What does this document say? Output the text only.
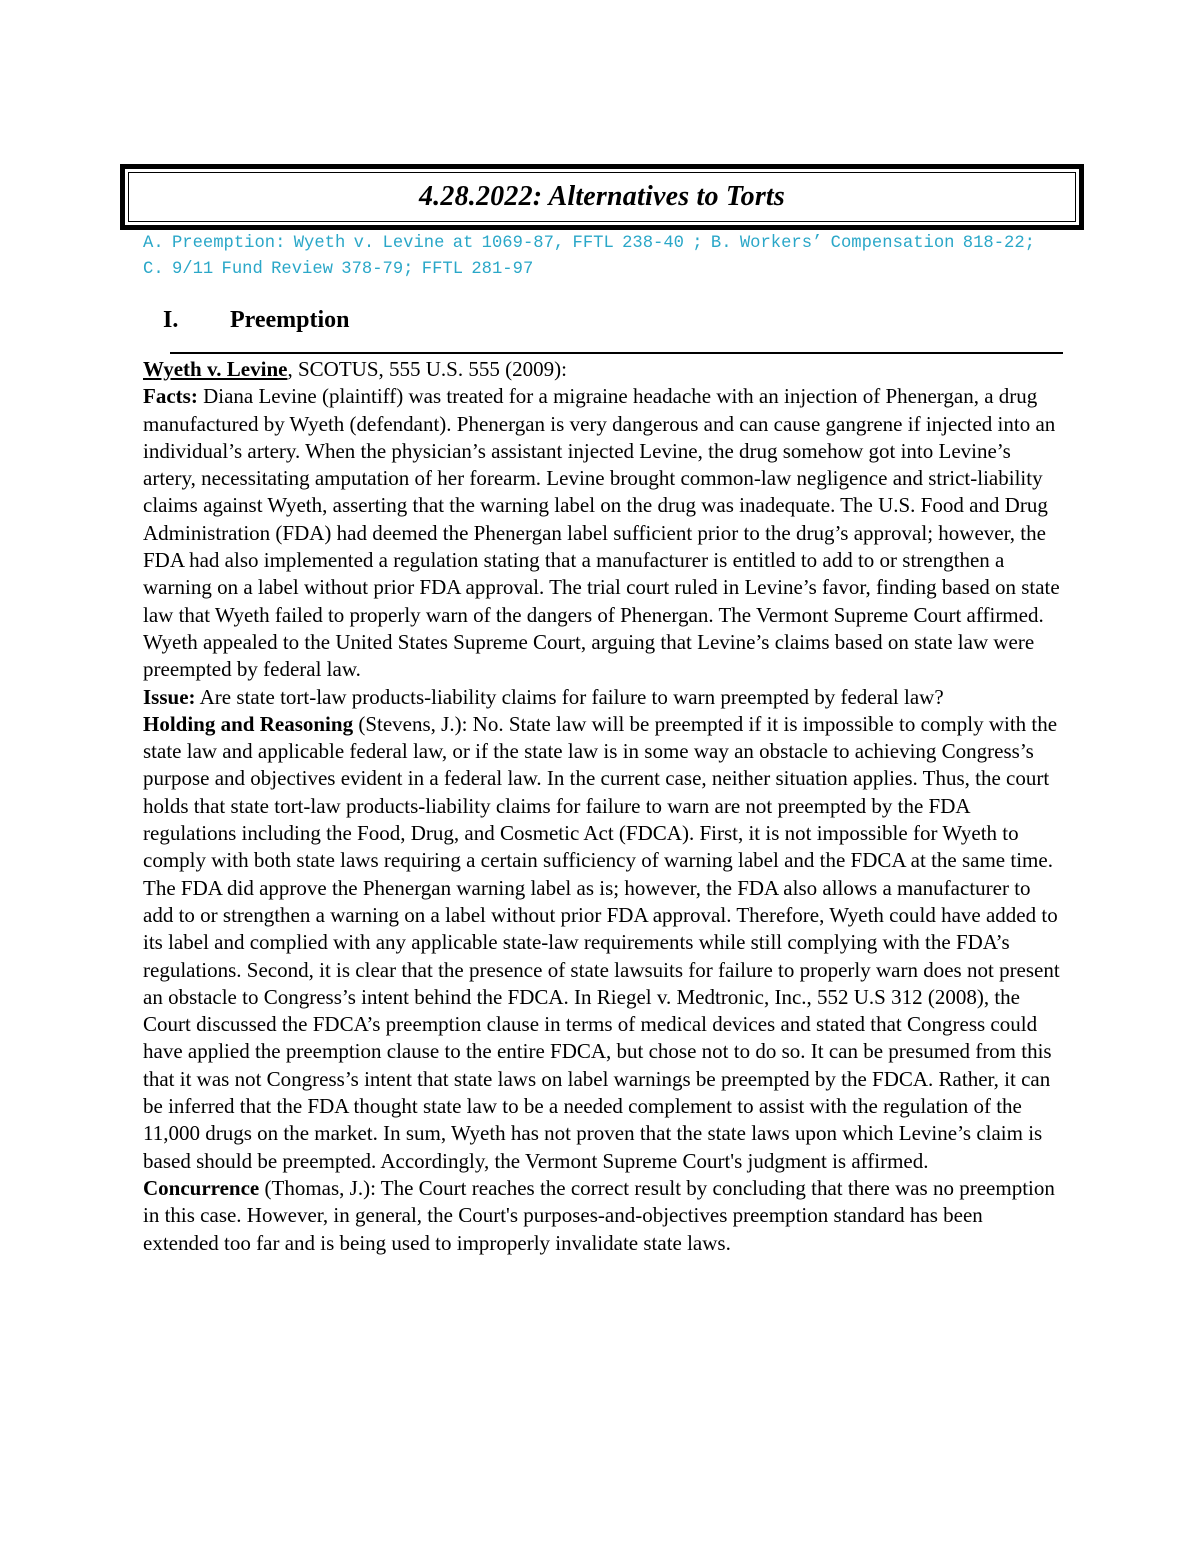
4.28.2022: Alternatives to Torts
A. Preemption: Wyeth v. Levine at 1069-87, FFTL 238-40 ; B. Workers’ Compensation 818-22; C. 9/11 Fund Review 378-79; FFTL 281-97
I.	Preemption

Wyeth v. Levine, SCOTUS, 555 U.S. 555 (2009):

Facts: Diana Levine (plaintiff) was treated for a migraine headache with an injection of Phenergan, a drug manufactured by Wyeth (defendant). Phenergan is very dangerous and can cause gangrene if injected into an individual’s artery. When the physician’s assistant injected Levine, the drug somehow got into Levine’s artery, necessitating amputation of her forearm. Levine brought common-law negligence and strict-liability claims against Wyeth, asserting that the warning label on the drug was inadequate. The U.S. Food and Drug Administration (FDA) had deemed the Phenergan label sufficient prior to the drug’s approval; however, the FDA had also implemented a regulation stating that a manufacturer is entitled to add to or strengthen a warning on a label without prior FDA approval. The trial court ruled in Levine’s favor, finding based on state law that Wyeth failed to properly warn of the dangers of Phenergan. The Vermont Supreme Court affirmed. Wyeth appealed to the United States Supreme Court, arguing that Levine’s claims based on state law were preempted by federal law.

Issue: Are state tort-law products-liability claims for failure to warn preempted by federal law?

Holding and Reasoning (Stevens, J.): No. State law will be preempted if it is impossible to comply with the state law and applicable federal law, or if the state law is in some way an obstacle to achieving Congress’s purpose and objectives evident in a federal law. In the current case, neither situation applies. Thus, the court holds that state tort-law products-liability claims for failure to warn are not preempted by the FDA regulations including the Food, Drug, and Cosmetic Act (FDCA). First, it is not impossible for Wyeth to comply with both state laws requiring a certain sufficiency of warning label and the FDCA at the same time. The FDA did approve the Phenergan warning label as is; however, the FDA also allows a manufacturer to add to or strengthen a warning on a label without prior FDA approval. Therefore, Wyeth could have added to its label and complied with any applicable state-law requirements while still complying with the FDA’s regulations. Second, it is clear that the presence of state lawsuits for failure to properly warn does not present an obstacle to Congress’s intent behind the FDCA. In Riegel v. Medtronic, Inc., 552 U.S 312 (2008), the Court discussed the FDCA’s preemption clause in terms of medical devices and stated that Congress could have applied the preemption clause to the entire FDCA, but chose not to do so. It can be presumed from this that it was not Congress’s intent that state laws on label warnings be preempted by the FDCA. Rather, it can be inferred that the FDA thought state law to be a needed complement to assist with the regulation of the 11,000 drugs on the market. In sum, Wyeth has not proven that the state laws upon which Levine’s claim is based should be preempted. Accordingly, the Vermont Supreme Court's judgment is affirmed.

Concurrence (Thomas, J.): The Court reaches the correct result by concluding that there was no preemption in this case. However, in general, the Court's purposes-and-objectives preemption standard has been extended too far and is being used to improperly invalidate state laws.
